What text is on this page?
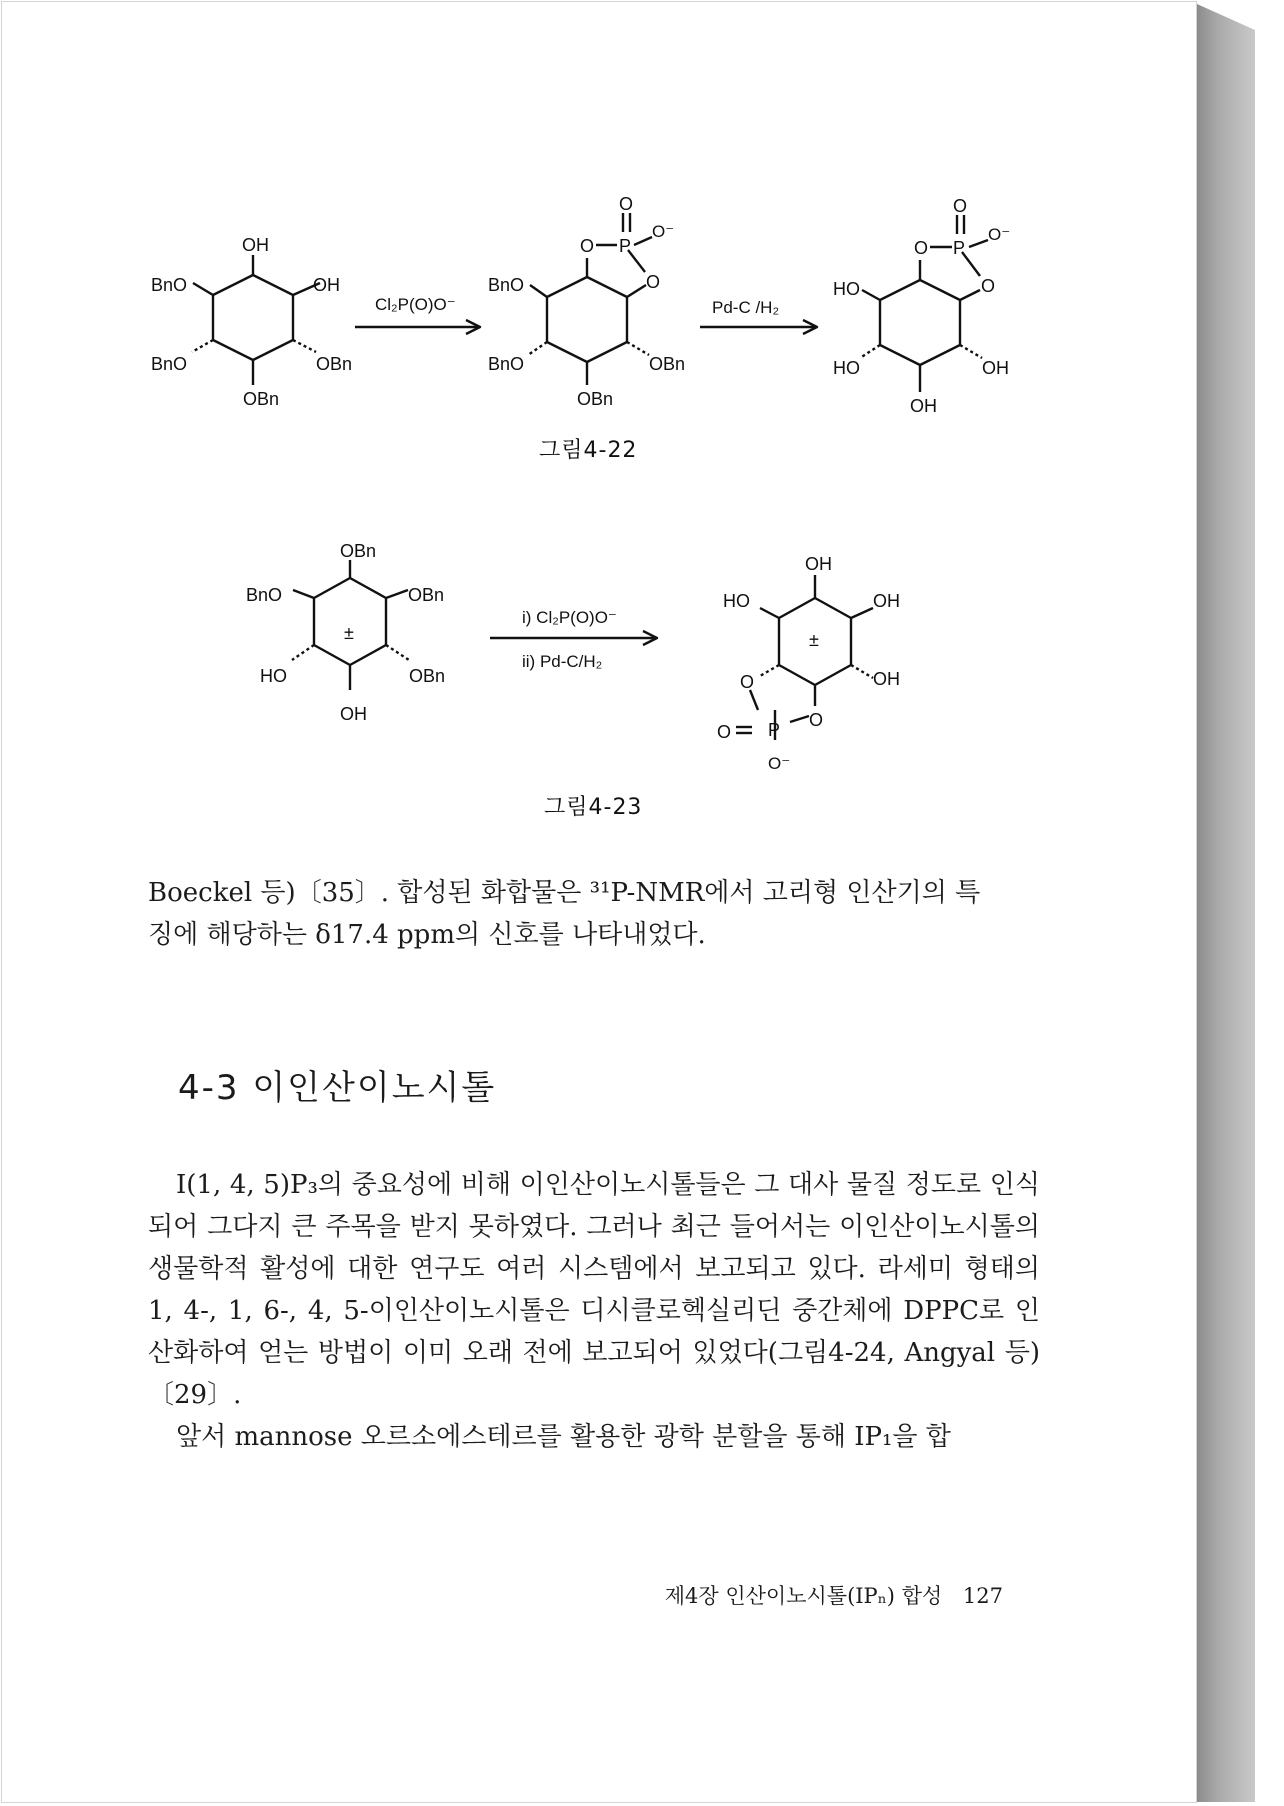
OH
OH
BnO
BnO	OBn
OBn
Cl₂P(O)O⁻
O P
O
O⁻
O
BnO
BnO	OBn
OBn
Pd-C /H₂
O P
O
O⁻
O
HO
HO	OH
OH
그림4-22
OBn
BnO	OBn
±
HO	OBn
OH
i) Cl₂P(O)O⁻
ii) Pd-C/H₂
OH
HO	OH
±
OH
O
O
P
O
O⁻
그림4-23

Boeckel 등)〔35〕. 합성된 화합물은 ³¹P-NMR에서 고리형 인산기의 특

징에 해당하는 δ17.4 ppm의 신호를 나타내었다.

4-3 이인산이노시톨

I(1, 4, 5)P₃의 중요성에 비해 이인산이노시톨들은 그 대사 물질 정도로 인식되어 그다지 큰 주목을 받지 못하였다. 그러나 최근 들어서는 이인산이노시톨의 생물학적 활성에 대한 연구도 여러 시스템에서 보고되고 있다. 라세미 형태의 1, 4-, 1, 6-, 4, 5-이인산이노시톨은 디시클로헥실리딘 중간체에 DPPC로 인산화하여 얻는 방법이 이미 오래 전에 보고되어 있었다(그림4-24, Angyal 등)〔29〕.

앞서 mannose 오르소에스테르를 활용한 광학 분할을 통해 IP₁을 합

제4장 인산이노시톨(IPₙ) 합성 127
